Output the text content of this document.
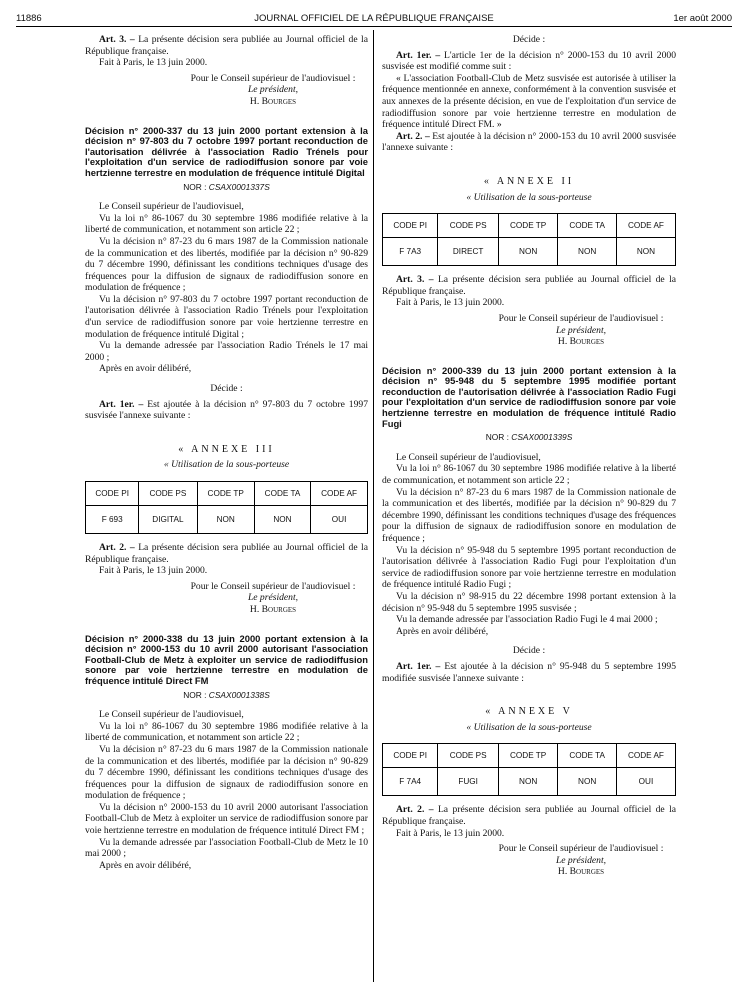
11886	JOURNAL OFFICIEL DE LA RÉPUBLIQUE FRANÇAISE	1er août 2000

Art. 3. – La présente décision sera publiée au Journal officiel de la République française.

Fait à Paris, le 13 juin 2000.

Pour le Conseil supérieur de l'audiovisuel :
Le président,
H. Bourges
Décision n° 2000-337 du 13 juin 2000 portant extension à la décision n° 97-803 du 7 octobre 1997 portant reconduction de l'autorisation délivrée à l'association Radio Trénels pour l'exploitation d'un service de radiodiffusion sonore par voie hertzienne terrestre en modulation de fréquence intitulé Digital
NOR : CSAX0001337S

Le Conseil supérieur de l'audiovisuel,

Vu la loi n° 86-1067 du 30 septembre 1986 modifiée relative à la liberté de communication, et notamment son article 22 ;

Vu la décision n° 87-23 du 6 mars 1987 de la Commission nationale de la communication et des libertés, modifiée par la décision n° 90-829 du 7 décembre 1990, définissant les conditions techniques d'usage des fréquences pour la diffusion de signaux de radiodiffusion sonore en modulation de fréquence ;

Vu la décision n° 97-803 du 7 octobre 1997 portant reconduction de l'autorisation délivrée à l'association Radio Trénels pour l'exploitation d'un service de radiodiffusion sonore par voie hertzienne terrestre en modulation de fréquence intitulé Digital ;

Vu la demande adressée par l'association Radio Trénels le 17 mai 2000 ;

Après en avoir délibéré,

Décide :

Art. 1er. – Est ajoutée à la décision n° 97-803 du 7 octobre 1997 susvisée l'annexe suivante :

« ANNEXE III
« Utilisation de la sous-porteuse
CODE PI	CODE PS	CODE TP	CODE TA	CODE AF
F 693	DIGITAL	NON	NON	OUI

Art. 2. – La présente décision sera publiée au Journal officiel de la République française.

Fait à Paris, le 13 juin 2000.

Pour le Conseil supérieur de l'audiovisuel :
Le président,
H. Bourges
Décision n° 2000-338 du 13 juin 2000 portant extension à la décision n° 2000-153 du 10 avril 2000 autorisant l'association Football-Club de Metz à exploiter un service de radiodiffusion sonore par voie hertzienne terrestre en modulation de fréquence intitulé Direct FM
NOR : CSAX0001338S

Le Conseil supérieur de l'audiovisuel,

Vu la loi n° 86-1067 du 30 septembre 1986 modifiée relative à la liberté de communication, et notamment son article 22 ;

Vu la décision n° 87-23 du 6 mars 1987 de la Commission nationale de la communication et des libertés, modifiée par la décision n° 90-829 du 7 décembre 1990, définissant les conditions techniques d'usage des fréquences pour la diffusion de signaux de radiodiffusion sonore en modulation de fréquence ;

Vu la décision n° 2000-153 du 10 avril 2000 autorisant l'association Football-Club de Metz à exploiter un service de radiodiffusion sonore par voie hertzienne terrestre en modulation de fréquence intitulé Direct FM ;

Vu la demande adressée par l'association Football-Club de Metz le 10 mai 2000 ;

Après en avoir délibéré,

Décide :

Art. 1er. – L'article 1er de la décision n° 2000-153 du 10 avril 2000 susvisée est modifié comme suit :

« L'association Football-Club de Metz susvisée est autorisée à utiliser la fréquence mentionnée en annexe, conformément à la convention susvisée et aux annexes de la présente décision, en vue de l'exploitation d'un service de radiodiffusion sonore par voie hertzienne terrestre en modulation de fréquence intitulé Direct FM. »

Art. 2. – Est ajoutée à la décision n° 2000-153 du 10 avril 2000 susvisée l'annexe suivante :

« ANNEXE II
« Utilisation de la sous-porteuse
CODE PI	CODE PS	CODE TP	CODE TA	CODE AF
F 7A3	DIRECT	NON	NON	NON

Art. 3. – La présente décision sera publiée au Journal officiel de la République française.

Fait à Paris, le 13 juin 2000.

Pour le Conseil supérieur de l'audiovisuel :
Le président,
H. Bourges
Décision n° 2000-339 du 13 juin 2000 portant extension à la décision n° 95-948 du 5 septembre 1995 modifiée portant reconduction de l'autorisation délivrée à l'association Radio Fugi pour l'exploitation d'un service de radiodiffusion sonore par voie hertzienne terrestre en modulation de fréquence intitulé Radio Fugi
NOR : CSAX0001339S

Le Conseil supérieur de l'audiovisuel,

Vu la loi n° 86-1067 du 30 septembre 1986 modifiée relative à la liberté de communication, et notamment son article 22 ;

Vu la décision n° 87-23 du 6 mars 1987 de la Commission nationale de la communication et des libertés, modifiée par la décision n° 90-829 du 7 décembre 1990, définissant les conditions techniques d'usage des fréquences pour la diffusion de signaux de radiodiffusion sonore en modulation de fréquence ;

Vu la décision n° 95-948 du 5 septembre 1995 portant reconduction de l'autorisation délivrée à l'association Radio Fugi pour l'exploitation d'un service de radiodiffusion sonore par voie hertzienne terrestre en modulation de fréquence intitulé Radio Fugi ;

Vu la décision n° 98-915 du 22 décembre 1998 portant extension à la décision n° 95-948 du 5 septembre 1995 susvisée ;

Vu la demande adressée par l'association Radio Fugi le 4 mai 2000 ;

Après en avoir délibéré,

Décide :

Art. 1er. – Est ajoutée à la décision n° 95-948 du 5 septembre 1995 modifiée susvisée l'annexe suivante :

« ANNEXE V
« Utilisation de la sous-porteuse
CODE PI	CODE PS	CODE TP	CODE TA	CODE AF
F 7A4	FUGI	NON	NON	OUI

Art. 2. – La présente décision sera publiée au Journal officiel de la République française.

Fait à Paris, le 13 juin 2000.

Pour le Conseil supérieur de l'audiovisuel :
Le président,
H. Bourges
